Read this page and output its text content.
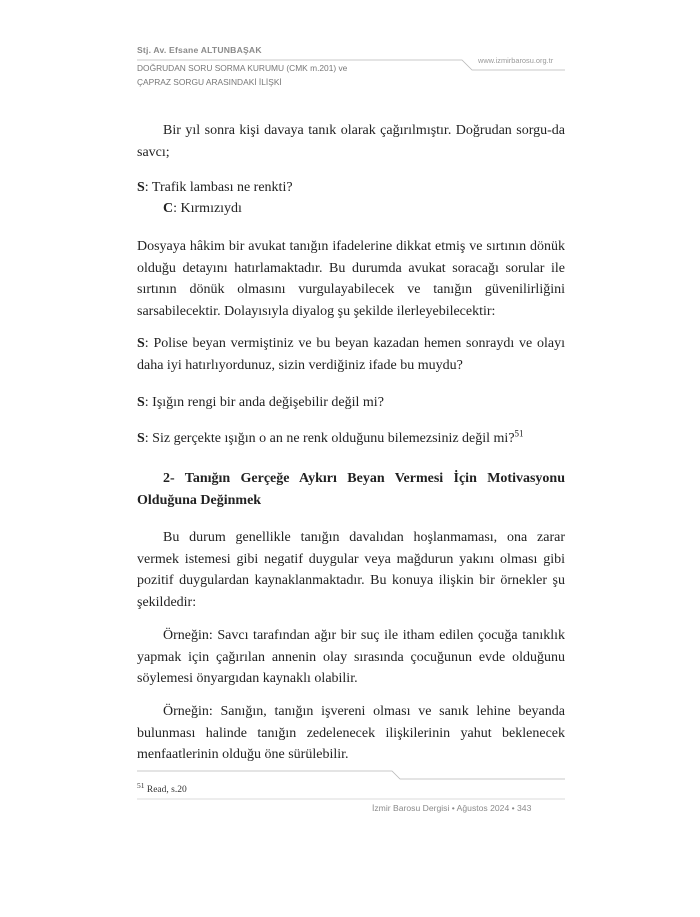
Stj. Av. Efsane ALTUNBAŞAK
www.izmirbarosu.org.tr
DOĞRUDAN SORU SORMA KURUMU (CMK m.201) ve
ÇAPRAZ SORGU ARASINDAKİ İLİŞKİ

Bir yıl sonra kişi davaya tanık olarak çağırılmıştır. Doğrudan sorgu-da savcı;

S: Trafik lambası ne renkti?
C: Kırmızıydı

Dosyaya hâkim bir avukat tanığın ifadelerine dikkat etmiş ve sırtının dönük olduğu detayını hatırlamaktadır. Bu durumda avukat soracağı sorular ile sırtının dönük olmasını vurgulayabilecek ve tanığın güvenilirliğini sarsabilecektir. Dolayısıyla diyalog şu şekilde ilerleyebilecektir:

S: Polise beyan vermiştiniz ve bu beyan kazadan hemen sonraydı ve olayı daha iyi hatırlıyordunuz, sizin verdiğiniz ifade bu muydu?

S: Işığın rengi bir anda değişebilir değil mi?

S: Siz gerçekte ışığın o an ne renk olduğunu bilemezsiniz değil mi?$^{51}$

2- Tanığın Gerçeğe Aykırı Beyan Vermesi İçin Motivasyonu Olduğuna Değinmek

Bu durum genellikle tanığın davalıdan hoşlanmaması, ona zarar vermek istemesi gibi negatif duygular veya mağdurun yakını olması gibi pozitif duygulardan kaynaklanmaktadır. Bu konuya ilişkin bir örnekler şu şekildedir:

Örneğin: Savcı tarafından ağır bir suç ile itham edilen çocuğa tanıklık yapmak için çağırılan annenin olay sırasında çocuğunun evde olduğunu söylemesi önyargıdan kaynaklı olabilir.

Örneğin: Sanığın, tanığın işvereni olması ve sanık lehine beyanda bulunması halinde tanığın zedelenecek ilişkilerinin yahut beklenecek menfaatlerinin olduğu öne sürülebilir.

$^{51}$ Read, s.20
İzmir Barosu Dergisi • Ağustos 2024 • 343
